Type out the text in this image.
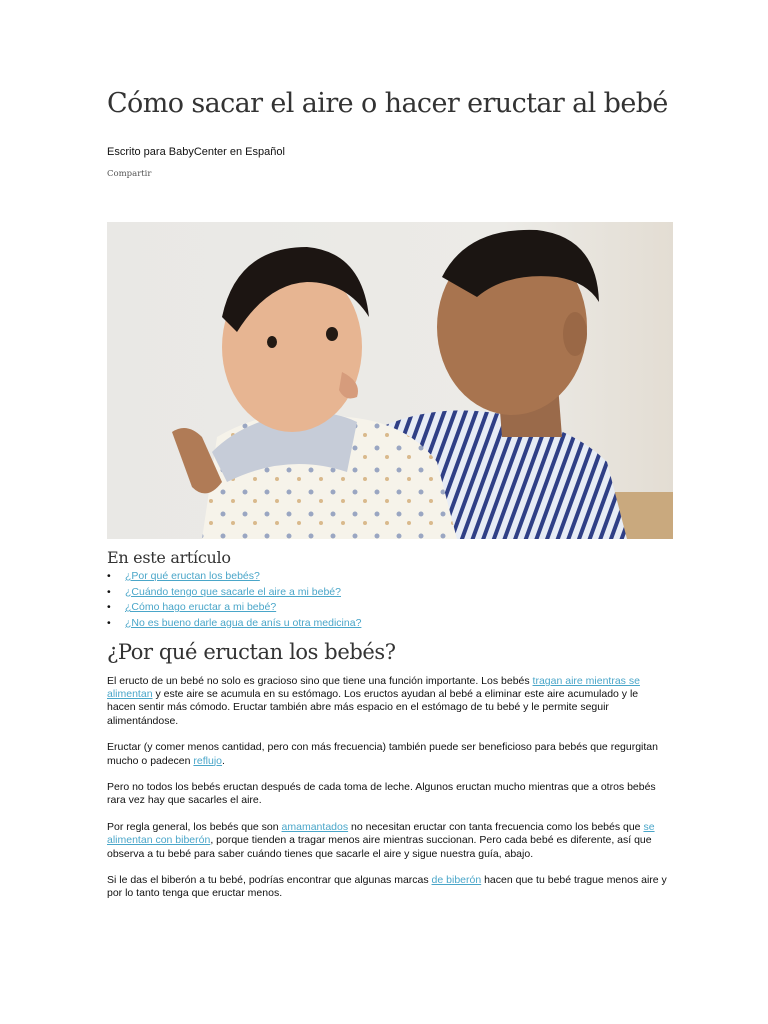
Cómo sacar el aire o hacer eructar al bebé
Escrito para BabyCenter en Español
Compartir
En este artículo
• ¿Por qué eructan los bebés?
• ¿Cuándo tengo que sacarle el aire a mi bebé?
• ¿Cómo hago eructar a mi bebé?
• ¿No es bueno darle agua de anís u otra medicina?
¿Por qué eructan los bebés?

El eructo de un bebé no solo es gracioso sino que tiene una función importante. Los bebés tragan aire mientras se alimentan y este aire se acumula en su estómago. Los eructos ayudan al bebé a eliminar este aire acumulado y le hacen sentir más cómodo. Eructar también abre más espacio en el estómago de tu bebé y le permite seguir alimentándose.

Eructar (y comer menos cantidad, pero con más frecuencia) también puede ser beneficioso para bebés que regurgitan mucho o padecen reflujo.

Pero no todos los bebés eructan después de cada toma de leche. Algunos eructan mucho mientras que a otros bebés rara vez hay que sacarles el aire.

Por regla general, los bebés que son amamantados no necesitan eructar con tanta frecuencia como los bebés que se alimentan con biberón, porque tienden a tragar menos aire mientras succionan. Pero cada bebé es diferente, así que observa a tu bebé para saber cuándo tienes que sacarle el aire y sigue nuestra guía, abajo.

Si le das el biberón a tu bebé, podrías encontrar que algunas marcas de biberón hacen que tu bebé trague menos aire y por lo tanto tenga que eructar menos.
